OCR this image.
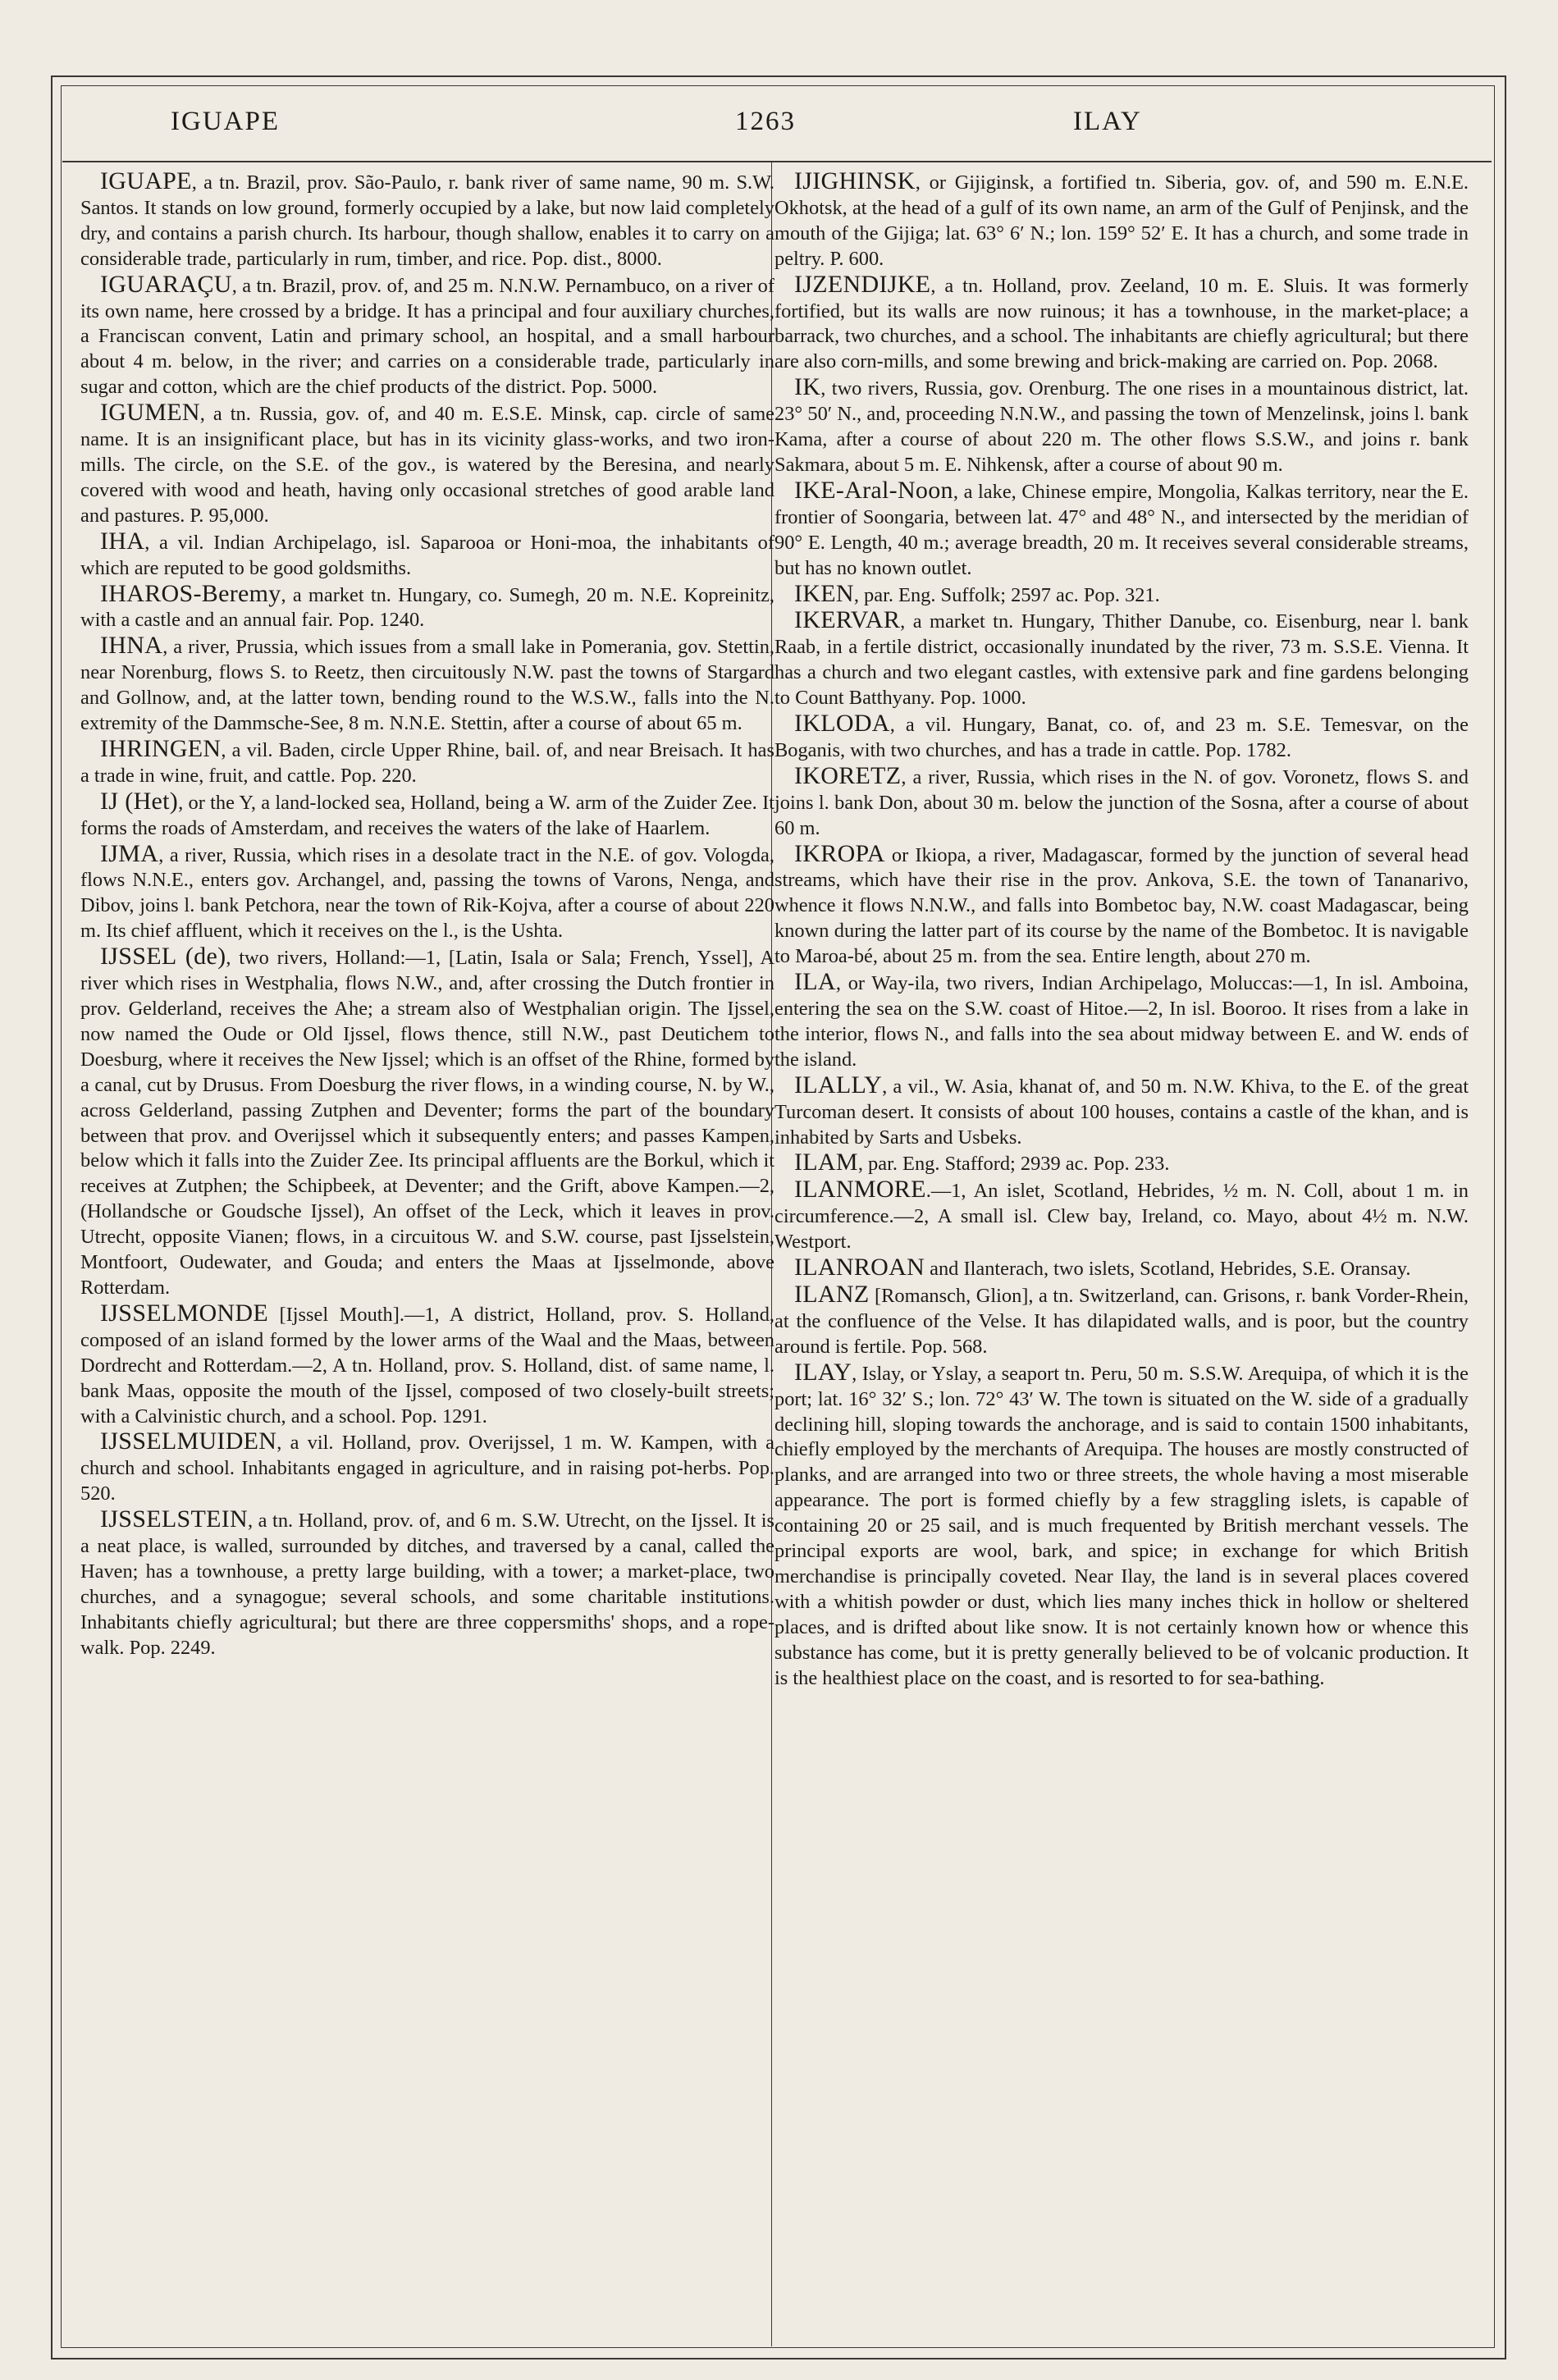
IGUAPE	1263	ILAY

IGUAPE, a tn. Brazil, prov. São-Paulo, r. bank river of same name, 90 m. S.W. Santos. It stands on low ground, formerly occupied by a lake, but now laid completely dry, and contains a parish church. Its harbour, though shallow, enables it to carry on a considerable trade, particularly in rum, timber, and rice. Pop. dist., 8000.

IGUARAÇU, a tn. Brazil, prov. of, and 25 m. N.N.W. Pernambuco, on a river of its own name, here crossed by a bridge. It has a principal and four auxiliary churches, a Franciscan convent, Latin and primary school, an hospital, and a small harbour about 4 m. below, in the river; and carries on a considerable trade, particularly in sugar and cotton, which are the chief products of the district. Pop. 5000.

IGUMEN, a tn. Russia, gov. of, and 40 m. E.S.E. Minsk, cap. circle of same name. It is an insignificant place, but has in its vicinity glass-works, and two iron-mills. The circle, on the S.E. of the gov., is watered by the Beresina, and nearly covered with wood and heath, having only occasional stretches of good arable land and pastures. P. 95,000.

IHA, a vil. Indian Archipelago, isl. Saparooa or Honi-moa, the inhabitants of which are reputed to be good goldsmiths.

IHAROS-Beremy, a market tn. Hungary, co. Sumegh, 20 m. N.E. Kopreinitz, with a castle and an annual fair. Pop. 1240.

IHNA, a river, Prussia, which issues from a small lake in Pomerania, gov. Stettin, near Norenburg, flows S. to Reetz, then circuitously N.W. past the towns of Stargard and Gollnow, and, at the latter town, bending round to the W.S.W., falls into the N. extremity of the Dammsche-See, 8 m. N.N.E. Stettin, after a course of about 65 m.

IHRINGEN, a vil. Baden, circle Upper Rhine, bail. of, and near Breisach. It has a trade in wine, fruit, and cattle. Pop. 220.

IJ (Het), or the Y, a land-locked sea, Holland, being a W. arm of the Zuider Zee. It forms the roads of Amsterdam, and receives the waters of the lake of Haarlem.

IJMA, a river, Russia, which rises in a desolate tract in the N.E. of gov. Vologda, flows N.N.E., enters gov. Archangel, and, passing the towns of Varons, Nenga, and Dibov, joins l. bank Petchora, near the town of Rik-Kojva, after a course of about 220 m. Its chief affluent, which it receives on the l., is the Ushta.

IJSSEL (de), two rivers, Holland:—1, [Latin, Isala or Sala; French, Yssel], A river which rises in Westphalia, flows N.W., and, after crossing the Dutch frontier in prov. Gelderland, receives the Ahe; a stream also of Westphalian origin. The Ijssel, now named the Oude or Old Ijssel, flows thence, still N.W., past Deutichem to Doesburg, where it receives the New Ijssel; which is an offset of the Rhine, formed by a canal, cut by Drusus. From Doesburg the river flows, in a winding course, N. by W., across Gelderland, passing Zutphen and Deventer; forms the part of the boundary between that prov. and Overijssel which it subsequently enters; and passes Kampen, below which it falls into the Zuider Zee. Its principal affluents are the Borkul, which it receives at Zutphen; the Schipbeek, at Deventer; and the Grift, above Kampen.—2, (Hollandsche or Goudsche Ijssel), An offset of the Leck, which it leaves in prov. Utrecht, opposite Vianen; flows, in a circuitous W. and S.W. course, past Ijsselstein, Montfoort, Oudewater, and Gouda; and enters the Maas at Ijsselmonde, above Rotterdam.

IJSSELMONDE [Ijssel Mouth].—1, A district, Holland, prov. S. Holland, composed of an island formed by the lower arms of the Waal and the Maas, between Dordrecht and Rotterdam.—2, A tn. Holland, prov. S. Holland, dist. of same name, l. bank Maas, opposite the mouth of the Ijssel, composed of two closely-built streets; with a Calvinistic church, and a school. Pop. 1291.

IJSSELMUIDEN, a vil. Holland, prov. Overijssel, 1 m. W. Kampen, with a church and school. Inhabitants engaged in agriculture, and in raising pot-herbs. Pop. 520.

IJSSELSTEIN, a tn. Holland, prov. of, and 6 m. S.W. Utrecht, on the Ijssel. It is a neat place, is walled, surrounded by ditches, and traversed by a canal, called the Haven; has a townhouse, a pretty large building, with a tower; a market-place, two churches, and a synagogue; several schools, and some charitable institutions. Inhabitants chiefly agricultural; but there are three coppersmiths' shops, and a rope-walk. Pop. 2249.

IJIGHINSK, or Gijiginsk, a fortified tn. Siberia, gov. of, and 590 m. E.N.E. Okhotsk, at the head of a gulf of its own name, an arm of the Gulf of Penjinsk, and the mouth of the Gijiga; lat. 63° 6′ N.; lon. 159° 52′ E. It has a church, and some trade in peltry. P. 600.

IJZENDIJKE, a tn. Holland, prov. Zeeland, 10 m. E. Sluis. It was formerly fortified, but its walls are now ruinous; it has a townhouse, in the market-place; a barrack, two churches, and a school. The inhabitants are chiefly agricultural; but there are also corn-mills, and some brewing and brick-making are carried on. Pop. 2068.

IK, two rivers, Russia, gov. Orenburg. The one rises in a mountainous district, lat. 23° 50′ N., and, proceeding N.N.W., and passing the town of Menzelinsk, joins l. bank Kama, after a course of about 220 m. The other flows S.S.W., and joins r. bank Sakmara, about 5 m. E. Nihkensk, after a course of about 90 m.

IKE-Aral-Noon, a lake, Chinese empire, Mongolia, Kalkas territory, near the E. frontier of Soongaria, between lat. 47° and 48° N., and intersected by the meridian of 90° E. Length, 40 m.; average breadth, 20 m. It receives several considerable streams, but has no known outlet.

IKEN, par. Eng. Suffolk; 2597 ac. Pop. 321.

IKERVAR, a market tn. Hungary, Thither Danube, co. Eisenburg, near l. bank Raab, in a fertile district, occasionally inundated by the river, 73 m. S.S.E. Vienna. It has a church and two elegant castles, with extensive park and fine gardens belonging to Count Batthyany. Pop. 1000.

IKLODA, a vil. Hungary, Banat, co. of, and 23 m. S.E. Temesvar, on the Boganis, with two churches, and has a trade in cattle. Pop. 1782.

IKORETZ, a river, Russia, which rises in the N. of gov. Voronetz, flows S. and joins l. bank Don, about 30 m. below the junction of the Sosna, after a course of about 60 m.

IKROPA or Ikiopa, a river, Madagascar, formed by the junction of several head streams, which have their rise in the prov. Ankova, S.E. the town of Tananarivo, whence it flows N.N.W., and falls into Bombetoc bay, N.W. coast Madagascar, being known during the latter part of its course by the name of the Bombetoc. It is navigable to Maroa-bé, about 25 m. from the sea. Entire length, about 270 m.

ILA, or Way-ila, two rivers, Indian Archipelago, Moluccas:—1, In isl. Amboina, entering the sea on the S.W. coast of Hitoe.—2, In isl. Booroo. It rises from a lake in the interior, flows N., and falls into the sea about midway between E. and W. ends of the island.

ILALLY, a vil., W. Asia, khanat of, and 50 m. N.W. Khiva, to the E. of the great Turcoman desert. It consists of about 100 houses, contains a castle of the khan, and is inhabited by Sarts and Usbeks.

ILAM, par. Eng. Stafford; 2939 ac. Pop. 233.

ILANMORE.—1, An islet, Scotland, Hebrides, ½ m. N. Coll, about 1 m. in circumference.—2, A small isl. Clew bay, Ireland, co. Mayo, about 4½ m. N.W. Westport.

ILANROAN and Ilanterach, two islets, Scotland, Hebrides, S.E. Oransay.

ILANZ [Romansch, Glion], a tn. Switzerland, can. Grisons, r. bank Vorder-Rhein, at the confluence of the Velse. It has dilapidated walls, and is poor, but the country around is fertile. Pop. 568.

ILAY, Islay, or Yslay, a seaport tn. Peru, 50 m. S.S.W. Arequipa, of which it is the port; lat. 16° 32′ S.; lon. 72° 43′ W. The town is situated on the W. side of a gradually declining hill, sloping towards the anchorage, and is said to contain 1500 inhabitants, chiefly employed by the merchants of Arequipa. The houses are mostly constructed of planks, and are arranged into two or three streets, the whole having a most miserable appearance. The port is formed chiefly by a few straggling islets, is capable of containing 20 or 25 sail, and is much frequented by British merchant vessels. The principal exports are wool, bark, and spice; in exchange for which British merchandise is principally coveted. Near Ilay, the land is in several places covered with a whitish powder or dust, which lies many inches thick in hollow or sheltered places, and is drifted about like snow. It is not certainly known how or whence this substance has come, but it is pretty generally believed to be of volcanic production. It is the healthiest place on the coast, and is resorted to for sea-bathing.
